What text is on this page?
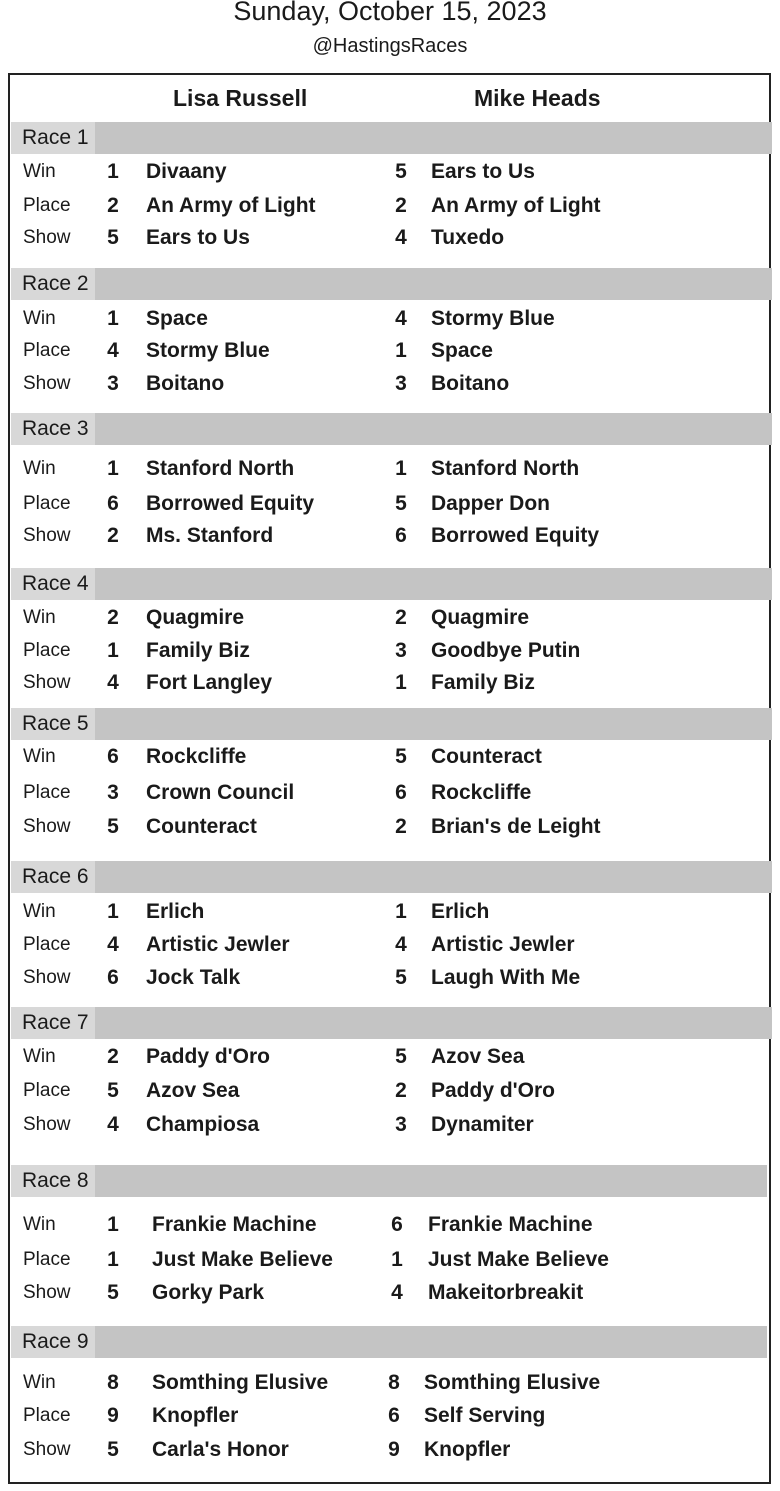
Sunday, October 15, 2023
@HastingsRaces
Lisa Russell	Mike Heads
Race 1
Win 1 Divaany	5 Ears to Us
Place 2 An Army of Light	2 An Army of Light
Show 5 Ears to Us	4 Tuxedo
Race 2
Win 1 Space	4 Stormy Blue
Place 4 Stormy Blue	1 Space
Show 3 Boitano	3 Boitano
Race 3
Win 1 Stanford North	1 Stanford North
Place 6 Borrowed Equity	5 Dapper Don
Show 2 Ms. Stanford	6 Borrowed Equity
Race 4
Win 2 Quagmire	2 Quagmire
Place 1 Family Biz	3 Goodbye Putin
Show 4 Fort Langley	1 Family Biz
Race 5
Win 6 Rockcliffe	5 Counteract
Place 3 Crown Council	6 Rockcliffe
Show 5 Counteract	2 Brian's de Leight
Race 6
Win 1 Erlich	1 Erlich
Place 4 Artistic Jewler	4 Artistic Jewler
Show 6 Jock Talk	5 Laugh With Me
Race 7
Win 2 Paddy d'Oro	5 Azov Sea
Place 5 Azov Sea	2 Paddy d'Oro
Show 4 Champiosa	3 Dynamiter
Race 8
Win 1 Frankie Machine	6 Frankie Machine
Place 1 Just Make Believe	1 Just Make Believe
Show 5 Gorky Park	4 Makeitorbreakit
Race 9
Win 8 Somthing Elusive	8 Somthing Elusive
Place 9 Knopfler	6 Self Serving
Show 5 Carla's Honor	9 Knopfler
